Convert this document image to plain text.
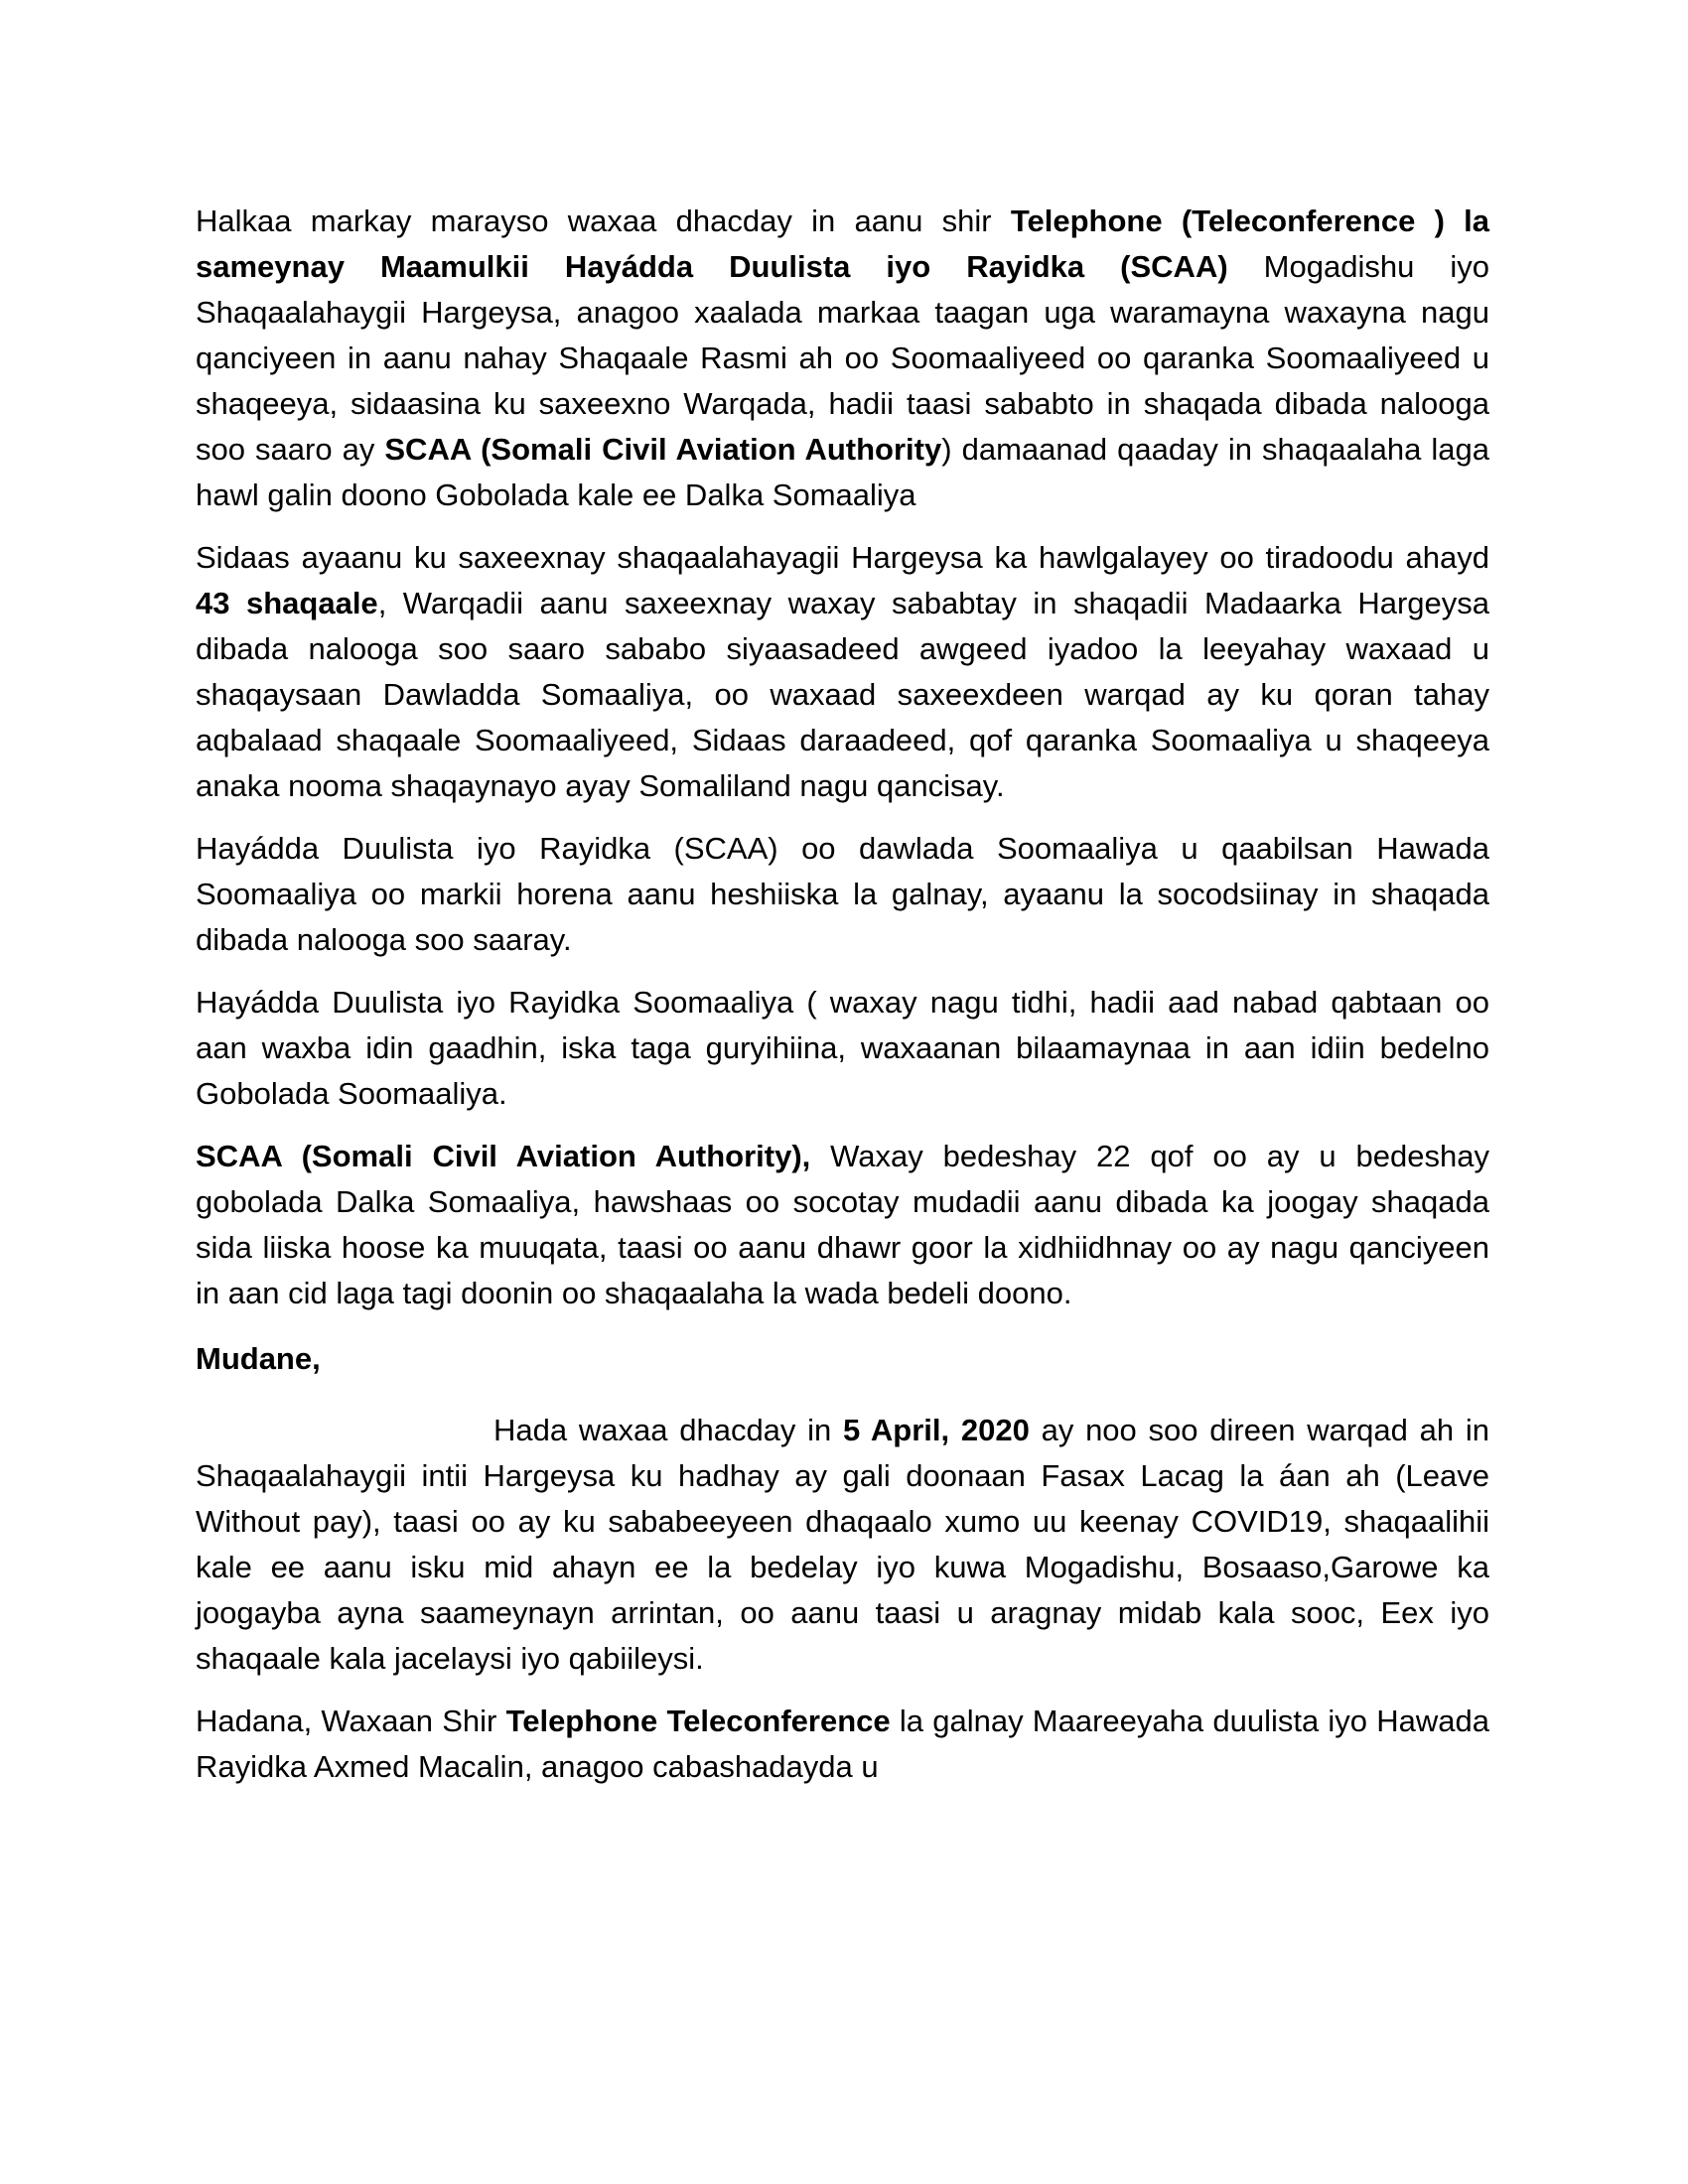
Halkaa markay marayso waxaa dhacday in aanu shir Telephone (Teleconference ) la sameynay Maamulkii Hayádda Duulista iyo Rayidka (SCAA) Mogadishu iyo Shaqaalahaygii Hargeysa, anagoo xaalada markaa taagan uga waramayna waxayna nagu qanciyeen in aanu nahay Shaqaale Rasmi ah oo Soomaaliyeed oo qaranka Soomaaliyeed u shaqeeya, sidaasina ku saxeexno Warqada, hadii taasi sababto in shaqada dibada nalooga soo saaro ay SCAA (Somali Civil Aviation Authority) damaanad qaaday in shaqaalaha laga hawl galin doono Gobolada kale ee Dalka Somaaliya

Sidaas ayaanu ku saxeexnay shaqaalahayagii Hargeysa ka hawlgalayey oo tiradoodu ahayd 43 shaqaale, Warqadii aanu saxeexnay waxay sababtay in shaqadii Madaarka Hargeysa dibada nalooga soo saaro sababo siyaasadeed awgeed iyadoo la leeyahay waxaad u shaqaysaan Dawladda Somaaliya, oo waxaad saxeexdeen warqad ay ku qoran tahay aqbalaad shaqaale Soomaaliyeed, Sidaas daraadeed, qof qaranka Soomaaliya u shaqeeya anaka nooma shaqaynayo ayay Somaliland nagu qancisay.

Hayádda Duulista iyo Rayidka (SCAA) oo dawlada Soomaaliya u qaabilsan Hawada Soomaaliya oo markii horena aanu heshiiska la galnay, ayaanu la socodsiinay in shaqada dibada nalooga soo saaray.

Hayádda Duulista iyo Rayidka Soomaaliya ( waxay nagu tidhi, hadii aad nabad qabtaan oo aan waxba idin gaadhin, iska taga guryihiina, waxaanan bilaamaynaa in aan idiin bedelno Gobolada Soomaaliya.

SCAA (Somali Civil Aviation Authority), Waxay bedeshay 22 qof oo ay u bedeshay gobolada Dalka Somaaliya, hawshaas oo socotay mudadii aanu dibada ka joogay shaqada sida liiska hoose ka muuqata, taasi oo aanu dhawr goor la xidhiidhnay oo ay nagu qanciyeen in aan cid laga tagi doonin oo shaqaalaha la wada bedeli doono.

Mudane,

Hada waxaa dhacday in 5 April, 2020 ay noo soo direen warqad ah in Shaqaalahaygii intii Hargeysa ku hadhay ay gali doonaan Fasax Lacag la áan ah (Leave Without pay), taasi oo ay ku sababeeyeen dhaqaalo xumo uu keenay COVID19, shaqaalihii kale ee aanu isku mid ahayn ee la bedelay iyo kuwa Mogadishu, Bosaaso,Garowe ka joogayba ayna saameynayn arrintan, oo aanu taasi u aragnay midab kala sooc, Eex iyo shaqaale kala jacelaysi iyo qabiileysi.

Hadana, Waxaan Shir Telephone Teleconference la galnay Maareeyaha duulista iyo Hawada Rayidka Axmed Macalin, anagoo cabashadayda u
